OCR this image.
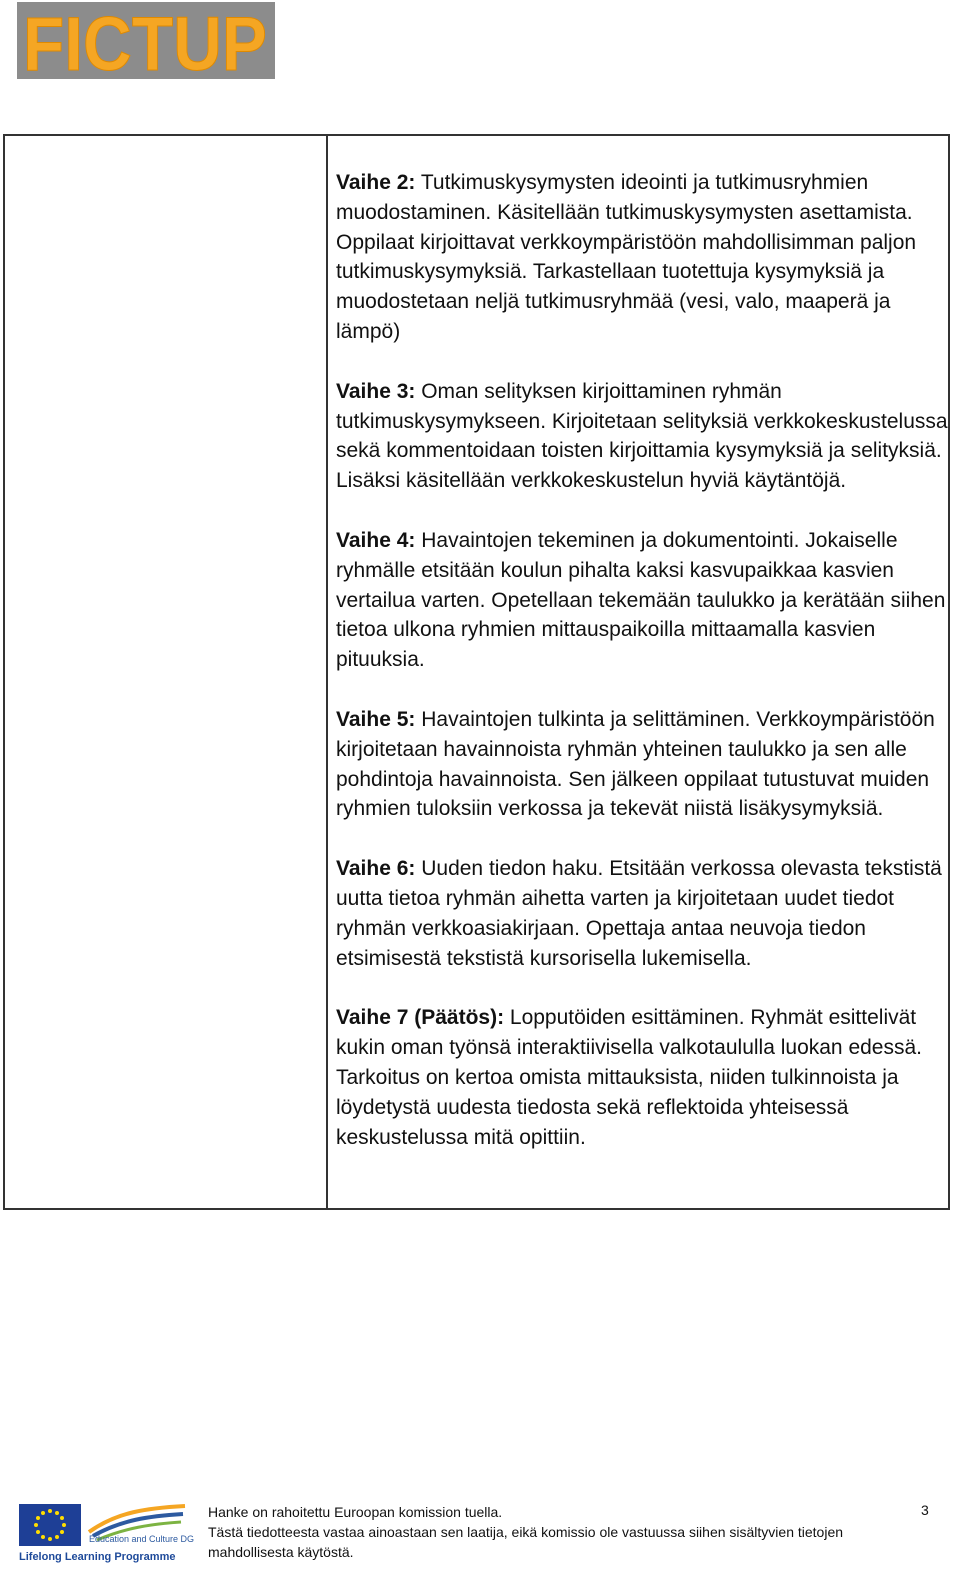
FICTUP

Vaihe 2: Tutkimuskysymysten ideointi ja tutkimusryhmien muodostaminen. Käsitellään tutkimuskysymysten asettamista. Oppilaat kirjoittavat verkkoympäristöön mahdollisimman paljon tutkimuskysymyksiä. Tarkastellaan tuotettuja kysymyksiä ja muodostetaan neljä tutkimusryhmää (vesi, valo, maaperä ja lämpö)

Vaihe 3: Oman selityksen kirjoittaminen ryhmän tutkimuskysymykseen. Kirjoitetaan selityksiä verkkokeskustelussa sekä kommentoidaan toisten kirjoittamia kysymyksiä ja selityksiä. Lisäksi käsitellään verkkokeskustelun hyviä käytäntöjä.

Vaihe 4: Havaintojen tekeminen ja dokumentointi. Jokaiselle ryhmälle etsitään koulun pihalta kaksi kasvupaikkaa kasvien vertailua varten. Opetellaan tekemään taulukko ja kerätään siihen tietoa ulkona ryhmien mittauspaikoilla mittaamalla kasvien pituuksia.

Vaihe 5: Havaintojen tulkinta ja selittäminen. Verkkoympäristöön kirjoitetaan havainnoista ryhmän yhteinen taulukko ja sen alle pohdintoja havainnoista. Sen jälkeen oppilaat tutustuvat muiden ryhmien tuloksiin verkossa ja tekevät niistä lisäkysymyksiä.

Vaihe 6: Uuden tiedon haku. Etsitään verkossa olevasta tekstistä uutta tietoa ryhmän aihetta varten ja kirjoitetaan uudet tiedot ryhmän verkkoasiakirjaan. Opettaja antaa neuvoja tiedon etsimisestä tekstistä kursorisella lukemisella.

Vaihe 7 (Päätös): Lopputöiden esittäminen. Ryhmät esittelivät kukin oman työnsä interaktiivisella valkotaululla luokan edessä. Tarkoitus on kertoa omista mittauksista, niiden tulkinnoista ja löydetystä uudesta tiedosta sekä reflektoida yhteisessä keskustelussa mitä opittiin.

Education and Culture DG
Lifelong Learning Programme
Hanke on rahoitettu Euroopan komission tuella.
Tästä tiedotteesta vastaa ainoastaan sen laatija, eikä komissio ole vastuussa siihen sisältyvien tietojen mahdollisesta käytöstä.
3
